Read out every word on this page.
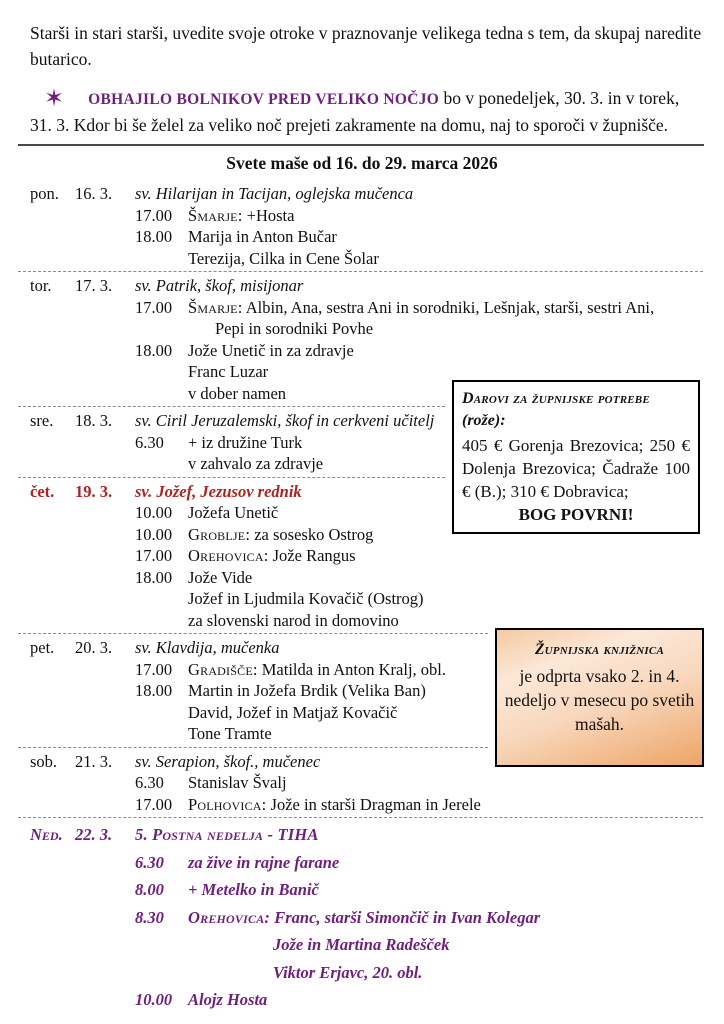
Starši in stari starši, uvedite svoje otroke v praznovanje velikega tedna s tem, da skupaj naredite butarico.

✶ OBHAJILO BOLNIKOV PRED VELIKO NOČJO bo v ponedeljek, 30. 3. in v torek, 31. 3. Kdor bi še želel za veliko noč prejeti zakramente na domu, naj to sporoči v župnišče.

Svete maše od 16. do 29. marca 2026
pon. 16. 3.	sv. Hilarijan in Tacijan, oglejska mučenca
17.00 Šmarje: +Hosta
18.00 Marija in Anton Bučar
Terezija, Cilka in Cene Šolar
tor.	17. 3.	sv. Patrik, škof, misijonar
17.00 Šmarje: Albin, Ana, sestra Ani in sorodniki, Lešnjak, starši, sestri Ani,
Pepi in sorodniki Povhe
18.00 Jože Unetič in za zdravje
Franc Luzar
v dober namen
sre.	18. 3.	sv. Ciril Jeruzalemski, škof in cerkveni učitelj
6.30 + iz družine Turk
v zahvalo za zdravje
čet.	19. 3.	sv. Jožef, Jezusov rednik
10.00 Jožefa Unetič
10.00 Groblje: za sosesko Ostrog
17.00 Orehovica: Jože Rangus
18.00 Jože Vide
Jožef in Ljudmila Kovačič (Ostrog)
za slovenski narod in domovino
pet.	20. 3.	sv. Klavdija, mučenka
17.00 Gradišče: Matilda in Anton Kralj, obl.
18.00 Martin in Jožefa Brdik (Velika Ban)
David, Jožef in Matjaž Kovačič
Tone Tramte
sob.	21. 3.	sv. Serapion, škof., mučenec
6.30 Stanislav Švalj
17.00 Polhovica: Jože in starši Dragman in Jerele
Ned. 22. 3.	5. Postna nedelja - TIHA
6.30 za žive in rajne farane
8.00 + Metelko in Banič
8.30 Orehovica: Franc, starši Simončič in Ivan Kolegar
Jože in Martina Radešček
Viktor Erjavc, 20. obl.
10.00 Alojz Hosta
Darovi za župnijske potrebe (rože):
405 € Gorenja Brezovica; 250 € Dolenja Brezovica; Čadraže 100 € (B.); 310 € Dobravica;
BOG POVRNI!
Župnijska knjižnica
je odprta vsako 2. in 4. nedeljo v mesecu po svetih mašah.
